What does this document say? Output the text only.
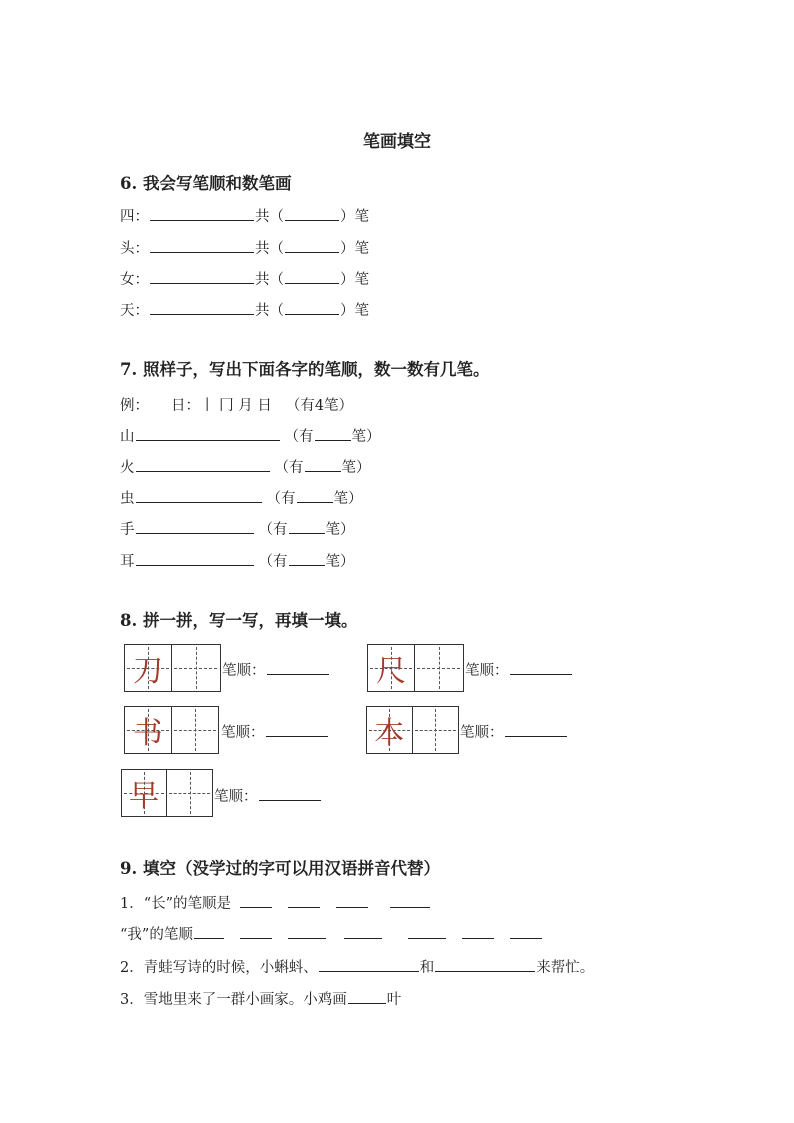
笔画填空
6. 我会写笔顺和数笔画
四：	共（	）笔
头：	共（	）笔
女：	共（	）笔
天：	共（	）笔
7. 照样子，写出下面各字的笔顺，数一数有几笔。
例： 日：丨 冂 月 日 （有4笔）
山	（有	笔）
火	（有	笔）
虫	（有	笔）
手	（有	笔）
耳	（有	笔）
8. 拼一拼，写一写，再填一填。
刀	笔顺：	尺	笔顺：
书	笔顺：	本	笔顺：
早	笔顺：
9. 填空（没学过的字可以用汉语拼音代替）
1．“长”的笔顺是
“我”的笔顺
2．青蛙写诗的时候，小蝌蚪、	和	来帮忙。
3．雪地里来了一群小画家。小鸡画	叶
